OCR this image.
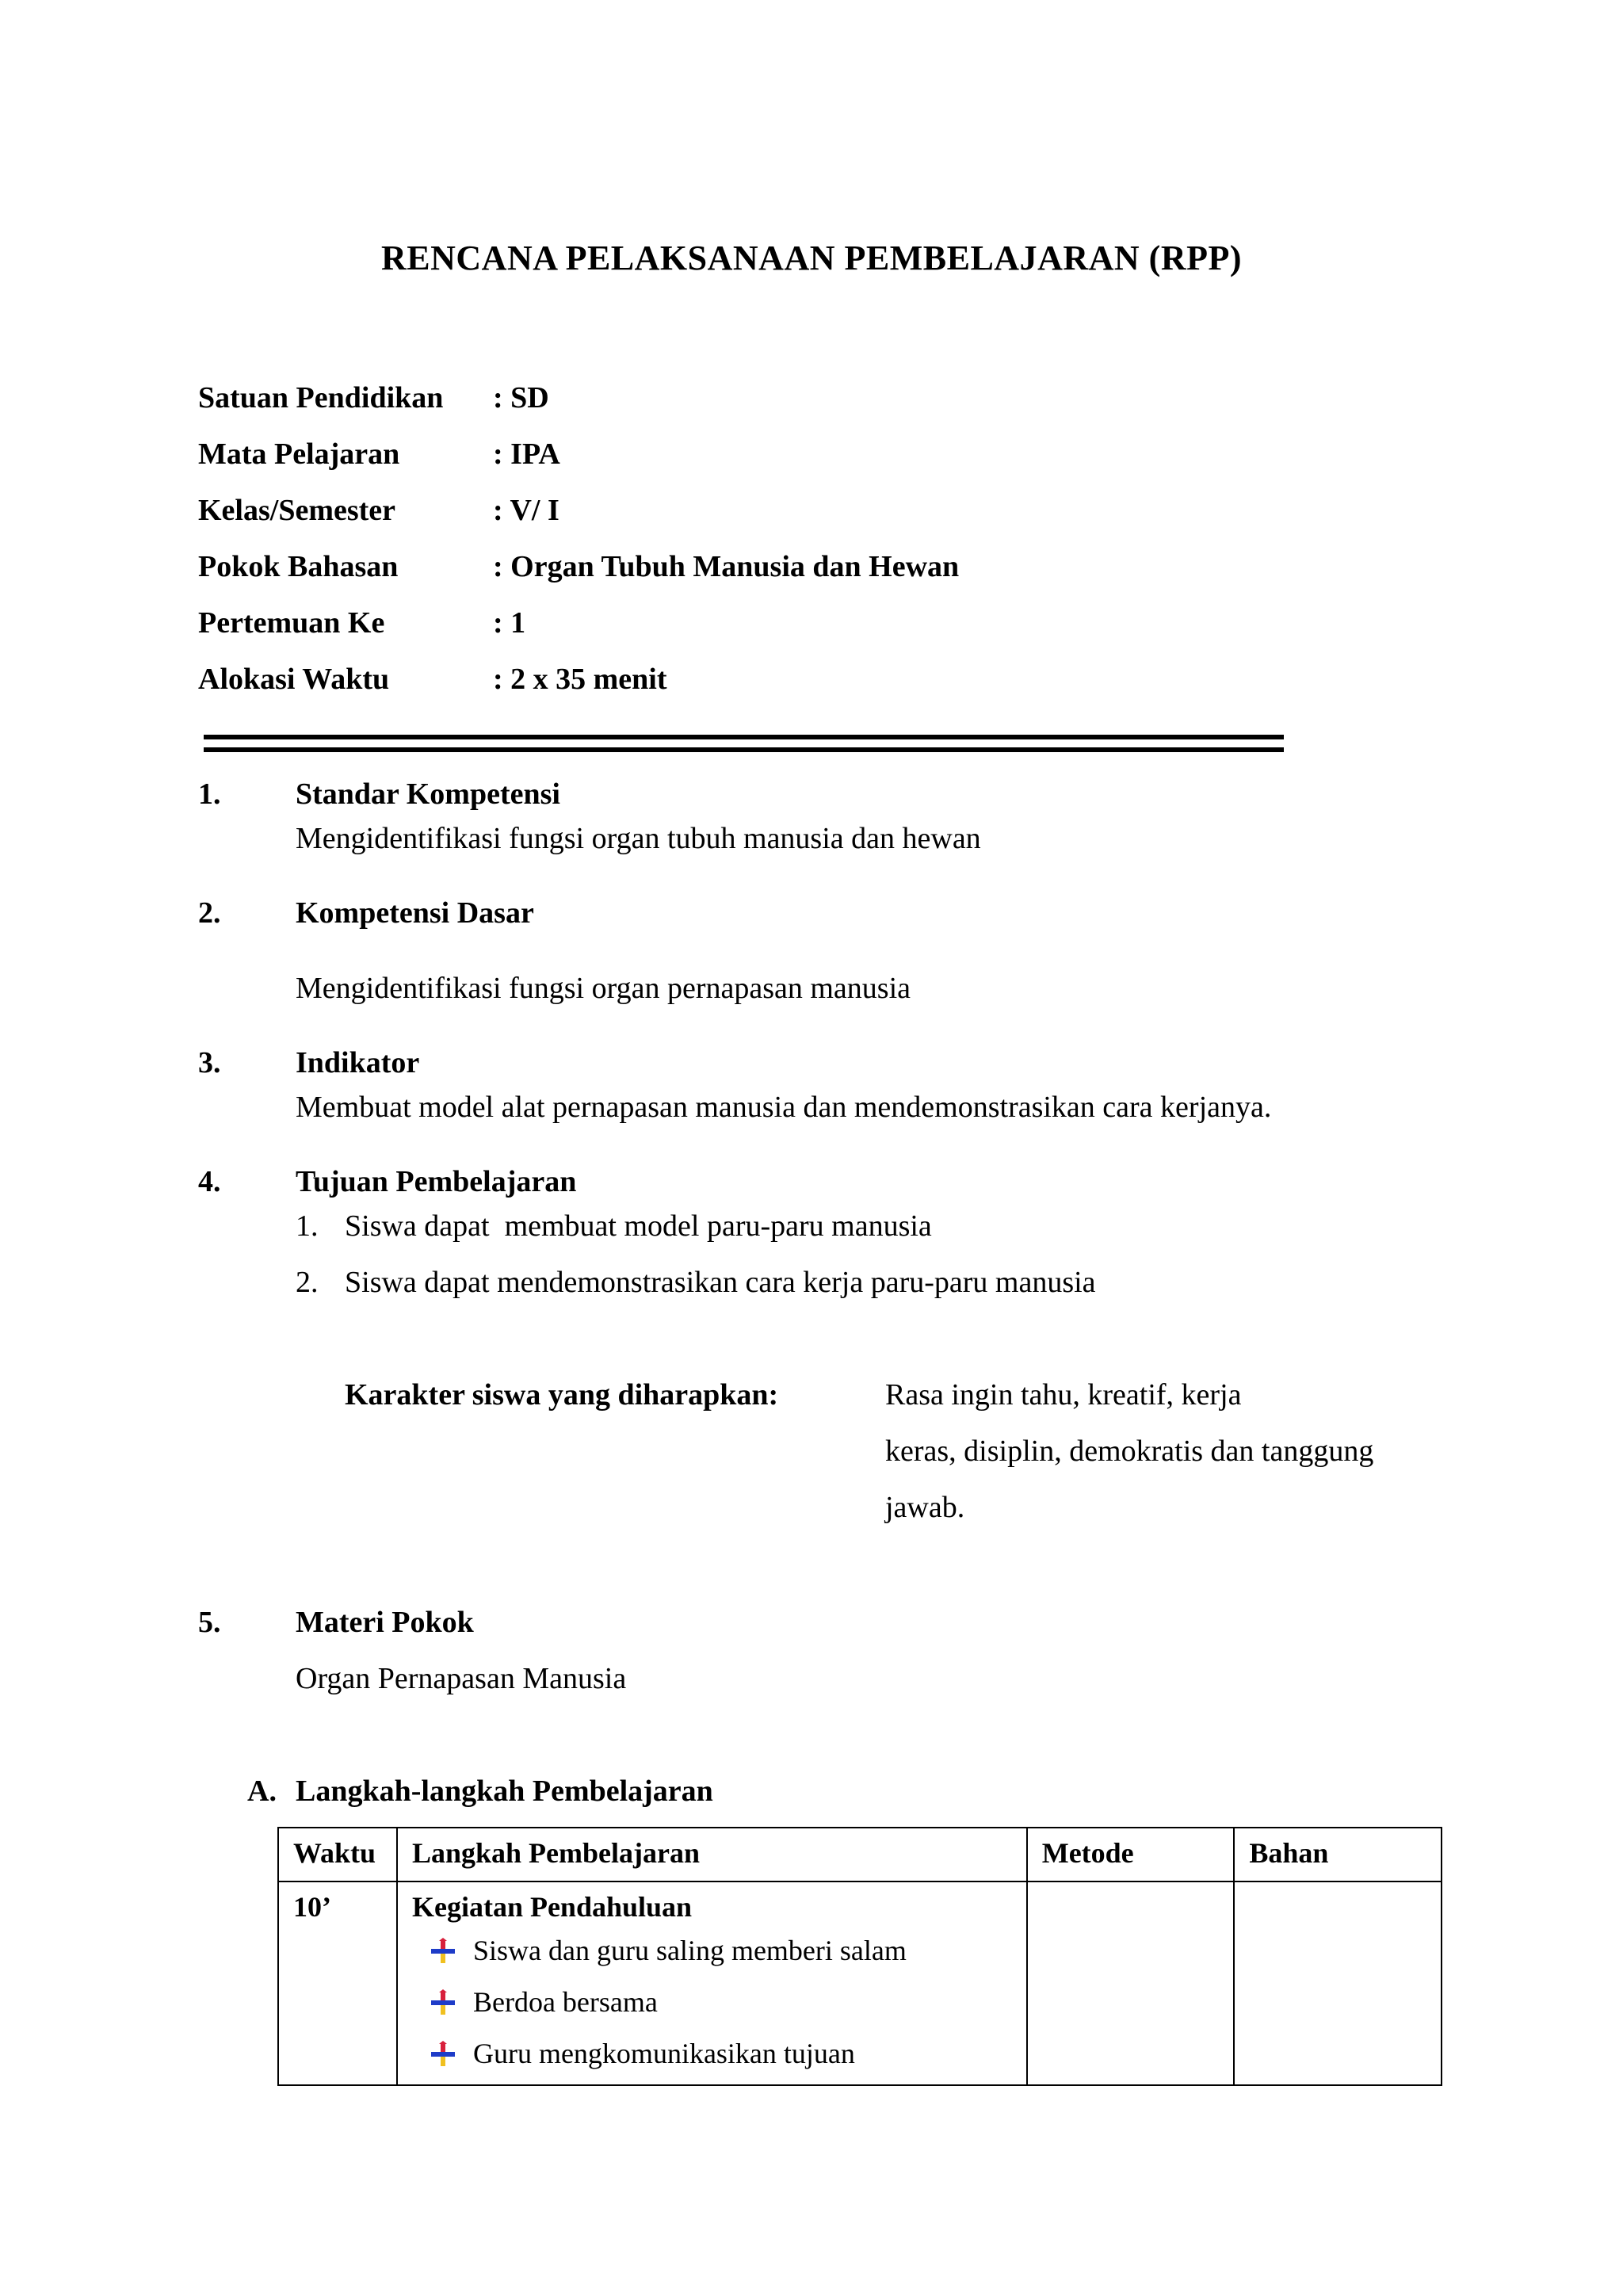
RENCANA PELAKSANAAN PEMBELAJARAN (RPP)
Satuan Pendidikan : SD
Mata Pelajaran	: IPA
Kelas/Semester	: V/ I
Pokok Bahasan	: Organ Tubuh Manusia dan Hewan
Pertemuan Ke	: 1
Alokasi Waktu	: 2 x 35 menit
1. Standar Kompetensi
Mengidentifikasi fungsi organ tubuh manusia dan hewan
2. Kompetensi Dasar
Mengidentifikasi fungsi organ pernapasan manusia
3. Indikator
Membuat model alat pernapasan manusia dan mendemonstrasikan cara kerjanya.
4. Tujuan Pembelajaran
1. Siswa dapat  membuat model paru-paru manusia
2. Siswa dapat mendemonstrasikan cara kerja paru-paru manusia
Karakter siswa yang diharapkan:	Rasa ingin tahu, kreatif, kerja
keras, disiplin, demokratis dan tanggung
jawab.
5. Materi Pokok
Organ Pernapasan Manusia
A. Langkah-langkah Pembelajaran
Waktu	Langkah Pembelajaran	Metode	Bahan

10’	Kegiatan Pendahuluan
Siswa dan guru saling memberi salam
Berdoa bersama
Guru mengkomunikasikan tujuan		
